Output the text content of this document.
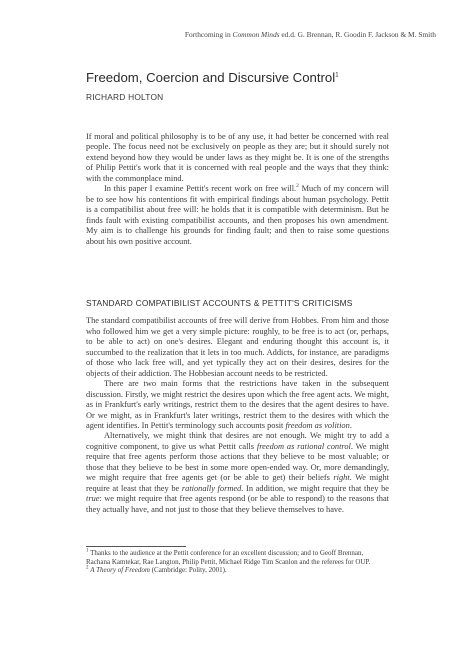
Forthcoming in Common Minds ed.d. G. Brennan, R. Goodin F. Jackson & M. Smith
Freedom, Coercion and Discursive Control$^1$
RICHARD HOLTON

If moral and political philosophy is to be of any use, it had better be concerned with real people. The focus need not be exclusively on people as they are; but it should surely not extend beyond how they would be under laws as they might be. It is one of the strengths of Philip Pettit's work that it is concerned with real people and the ways that they think: with the commonplace mind.

In this paper I examine Pettit's recent work on free will.$^2$ Much of my concern will be to see how his contentions fit with empirical findings about human psychology. Pettit is a compatibilist about free will: he holds that it is compatible with determinism. But he finds fault with existing compatibilist accounts, and then proposes his own amendment. My aim is to challenge his grounds for finding fault; and then to raise some questions about his own positive account.

STANDARD COMPATIBILIST ACCOUNTS & PETTIT'S CRITICISMS

The standard compatibilist accounts of free will derive from Hobbes. From him and those who followed him we get a very simple picture: roughly, to be free is to act (or, perhaps, to be able to act) on one's desires. Elegant and enduring thought this account is, it succumbed to the realization that it lets in too much. Addicts, for instance, are paradigms of those who lack free will, and yet typically they act on their desires, desires for the objects of their addiction. The Hobbesian account needs to be restricted.

There are two main forms that the restrictions have taken in the subsequent discussion. Firstly, we might restrict the desires upon which the free agent acts. We might, as in Frankfurt's early writings, restrict them to the desires that the agent desires to have. Or we might, as in Frankfurt's later writings, restrict them to the desires with which the agent identifies. In Pettit's terminology such accounts posit freedom as volition.

Alternatively, we might think that desires are not enough. We might try to add a cognitive component, to give us what Pettit calls freedom as rational control. We might require that free agents perform those actions that they believe to be most valuable; or those that they believe to be best in some more open-ended way. Or, more demandingly, we might require that free agents get (or be able to get) their beliefs right. We might require at least that they be rationally formed. In addition, we might require that they be true: we might require that free agents respond (or be able to respond) to the reasons that they actually have, and not just to those that they believe themselves to have.

$^1$ Thanks to the audience at the Pettit conference for an excellent discussion; and to Geoff Brennan, Rachana Kamtekar, Rae Langton, Philip Pettit, Michael Ridge Tim Scanlon and the referees for OUP.

$^2$ A Theory of Freedom (Cambridge: Polity, 2001).
